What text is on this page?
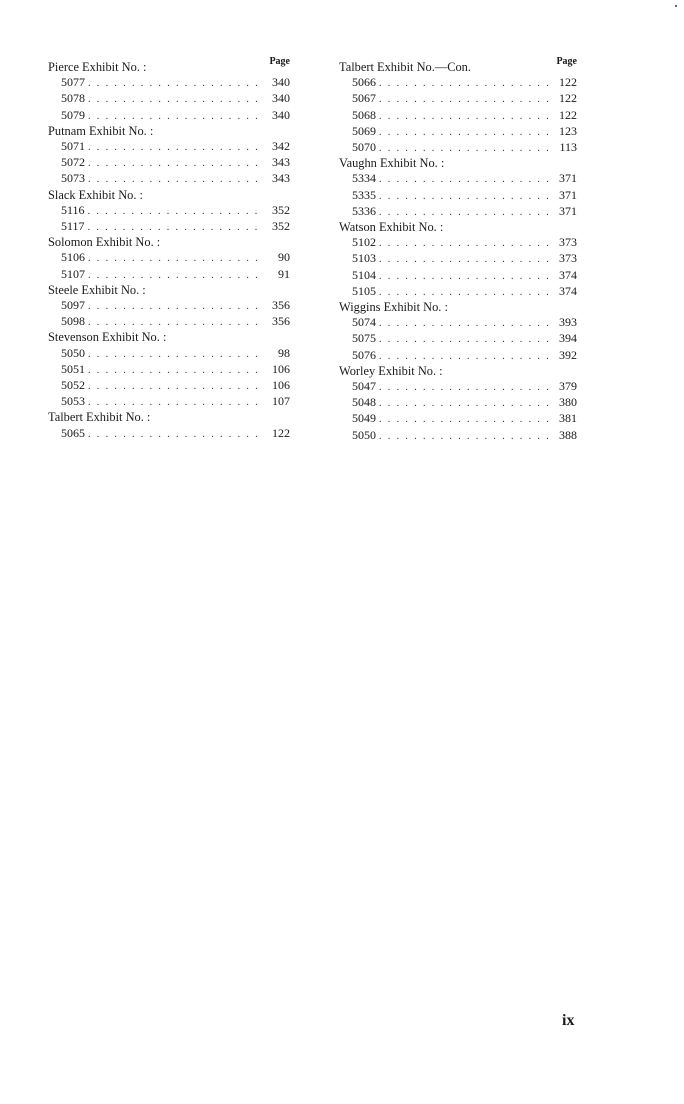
Page
Pierce Exhibit No. :
5077 . . .	340
5078 . . .	340
5079 . . .	340
Putnam Exhibit No. :
5071 . . .	342
5072 . . .	343
5073 . . .	343
Slack Exhibit No. :
5116 . . .	352
5117 . . .	352
Solomon Exhibit No. :
5106 . . .	90
5107 . . .	91
Steele Exhibit No. :
5097 . . .	356
5098 . . .	356
Stevenson Exhibit No. :
5050 . . .	98
5051 . . .	106
5052 . . .	106
5053 . . .	107
Talbert Exhibit No. :
5065 . . .	122
Page
Talbert Exhibit No.—Con.
5066 . . .	122
5067 . . .	122
5068 . . .	122
5069 . . .	123
5070 . . .	113
Vaughn Exhibit No. :
5334 . . .	371
5335 . . .	371
5336 . . .	371
Watson Exhibit No. :
5102 . . .	373
5103 . . .	373
5104 . . .	374
5105 . . .	374
Wiggins Exhibit No. :
5074 . . .	393
5075 . . .	394
5076 . . .	392
Worley Exhibit No. :
5047 . . .	379
5048 . . .	380
5049 . . .	381
5050 . . .	388
ix
